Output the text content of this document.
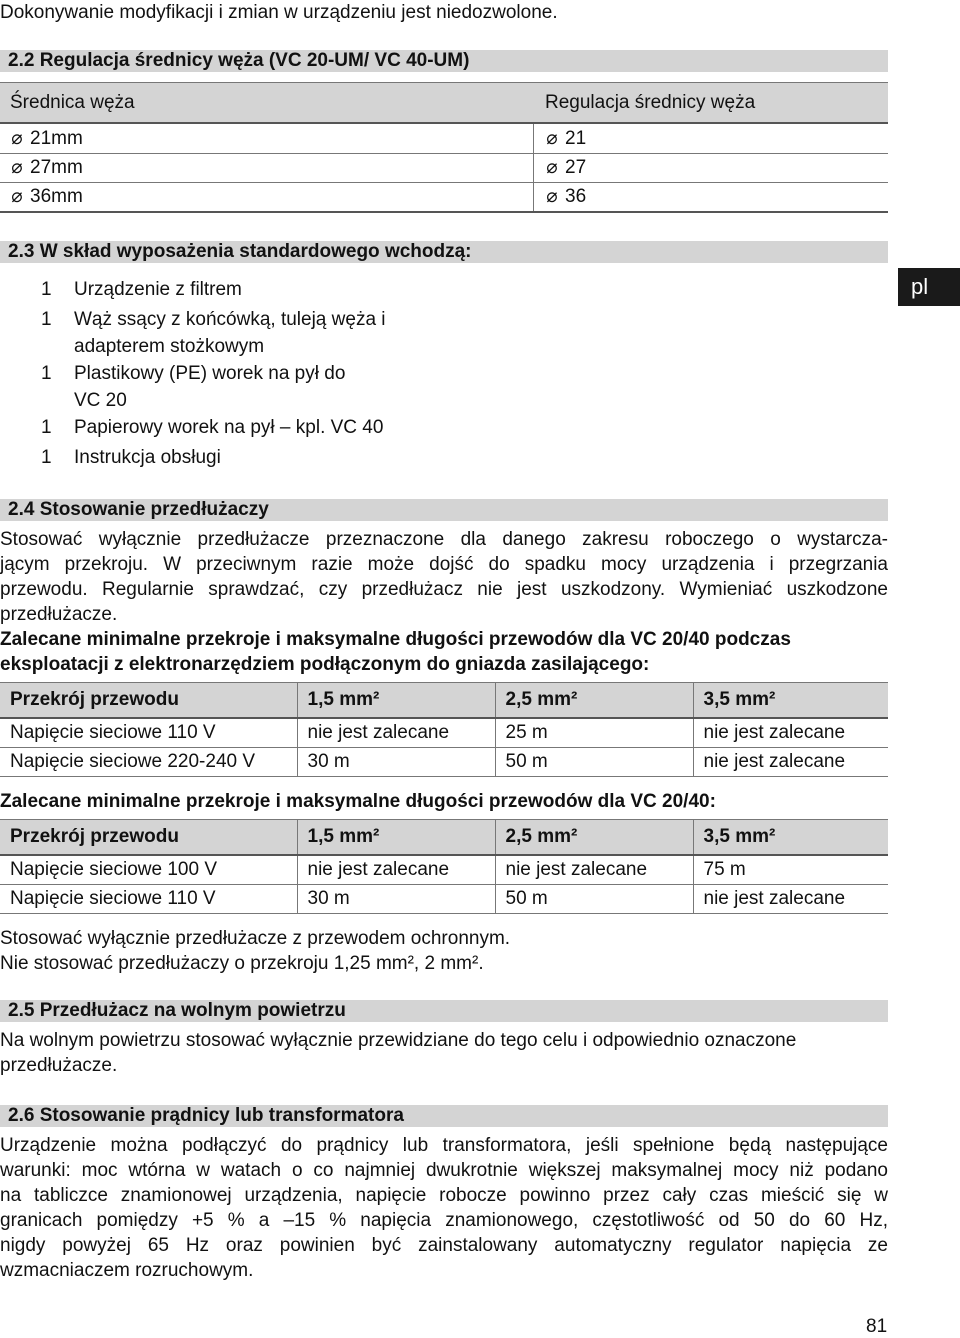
Dokonywanie modyfikacji i zmian w urządzeniu jest niedozwolone.
2.2 Regulacja średnicy węża (VC 20-UM/ VC 40-UM)
Średnica węża	Regulacja średnicy węża
⌀ 21mm	⌀ 21
⌀ 27mm	⌀ 27
⌀ 36mm	⌀ 36
2.3 W skład wyposażenia standardowego wchodzą:
1 Urządzenie z filtrem
1 Wąż ssący z końcówką, tuleją węża i
adapterem stożkowym
1 Plastikowy (PE) worek na pył do
VC 20
1 Papierowy worek na pył – kpl. VC 40
1 Instrukcja obsługi
pl
2.4 Stosowanie przedłużaczy
Stosować wyłącznie przedłużacze przeznaczone dla danego zakresu roboczego o wystarcza-
jącym przekroju. W przeciwnym razie może dojść do spadku mocy urządzenia i przegrzania
przewodu. Regularnie sprawdzać, czy przedłużacz nie jest uszkodzony. Wymieniać uszkodzone
przedłużacze.
Zalecane minimalne przekroje i maksymalne długości przewodów dla VC 20/40 podczas
eksploatacji z elektronarzędziem podłączonym do gniazda zasilającego:
Przekrój przewodu	1,5 mm²	2,5 mm²	3,5 mm²
Napięcie sieciowe 110 V	nie jest zalecane	25 m	nie jest zalecane
Napięcie sieciowe 220-240 V	30 m	50 m	nie jest zalecane
Zalecane minimalne przekroje i maksymalne długości przewodów dla VC 20/40:
Przekrój przewodu	1,5 mm²	2,5 mm²	3,5 mm²
Napięcie sieciowe 100 V	nie jest zalecane	nie jest zalecane	75 m
Napięcie sieciowe 110 V	30 m	50 m	nie jest zalecane
Stosować wyłącznie przedłużacze z przewodem ochronnym.
Nie stosować przedłużaczy o przekroju 1,25 mm², 2 mm².
2.5 Przedłużacz na wolnym powietrzu
Na wolnym powietrzu stosować wyłącznie przewidziane do tego celu i odpowiednio oznaczone
przedłużacze.
2.6 Stosowanie prądnicy lub transformatora
Urządzenie można podłączyć do prądnicy lub transformatora, jeśli spełnione będą następujące
warunki: moc wtórna w watach o co najmniej dwukrotnie większej maksymalnej mocy niż podano
na tabliczce znamionowej urządzenia, napięcie robocze powinno przez cały czas mieścić się w
granicach pomiędzy +5 % a –15 % napięcia znamionowego, częstotliwość od 50 do 60 Hz,
nigdy powyżej 65 Hz oraz powinien być zainstalowany automatyczny regulator napięcia ze
wzmacniaczem rozruchowym.
81
